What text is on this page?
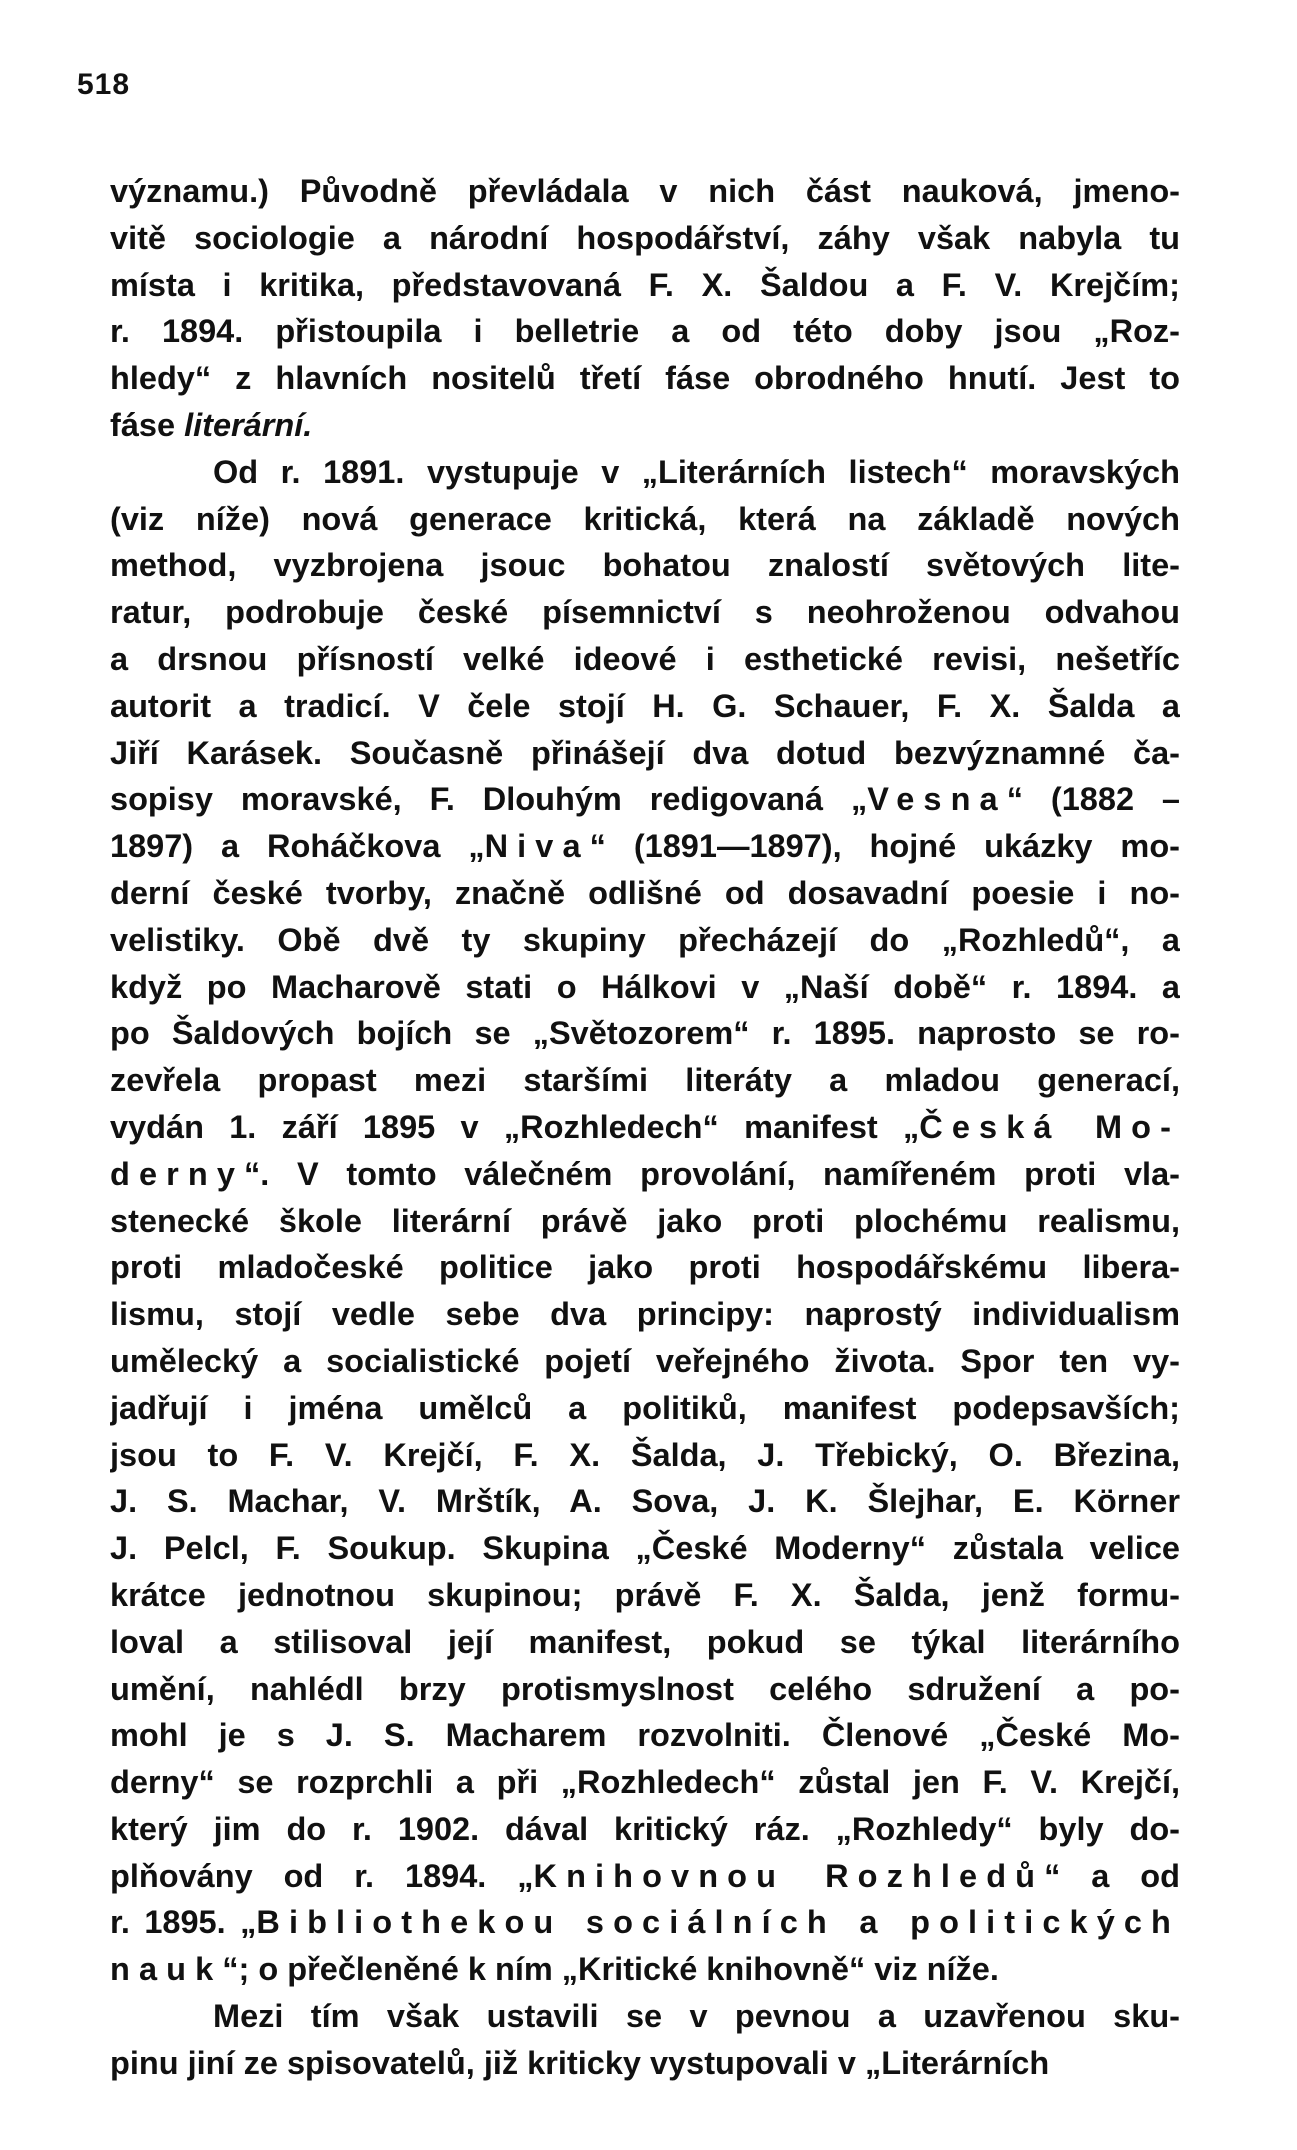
518
významu.) Původně převládala v nich část nauková, jmeno-
vitě sociologie a národní hospodářství, záhy však nabyla tu
místa i kritika, představovaná F. X. Šaldou a F. V. Krejčím;
r. 1894. přistoupila i belletrie a od této doby jsou „Roz-
hledy“ z hlavních nositelů třetí fáse obrodného hnutí. Jest to
fáse literární.
Od r. 1891. vystupuje v „Literárních listech“ moravských
(viz níže) nová generace kritická, která na základě nových
method, vyzbrojena jsouc bohatou znalostí světových lite-
ratur, podrobuje české písemnictví s neohroženou odvahou
a drsnou přísností velké ideové i esthetické revisi, nešetříc
autorit a tradicí. V čele stojí H. G. Schauer, F. X. Šalda a
Jiří Karásek. Současně přinášejí dva dotud bezvýznamné ča-
sopisy moravské, F. Dlouhým redigovaná „Vesna“ (1882 –
1897) a Roháčkova „Niva“ (1891—1897), hojné ukázky mo-
derní české tvorby, značně odlišné od dosavadní poesie i no-
velistiky. Obě dvě ty skupiny přecházejí do „Rozhledů“, a
když po Macharově stati o Hálkovi v „Naší době“ r. 1894. a
po Šaldových bojích se „Světozorem“ r. 1895. naprosto se ro-
zevřela propast mezi staršími literáty a mladou generací,
vydán 1. září 1895 v „Rozhledech“ manifest „Česká Mo-
derny“. V tomto válečném provolání, namířeném proti vla-
stenecké škole literární právě jako proti plochému realismu,
proti mladočeské politice jako proti hospodářskému libera-
lismu, stojí vedle sebe dva principy: naprostý individualism
umělecký a socialistické pojetí veřejného života. Spor ten vy-
jadřují i jména umělců a politiků, manifest podepsavších;
jsou to F. V. Krejčí, F. X. Šalda, J. Třebický, O. Březina,
J. S. Machar, V. Mrštík, A. Sova, J. K. Šlejhar, E. Körner
J. Pelcl, F. Soukup. Skupina „České Moderny“ zůstala velice
krátce jednotnou skupinou; právě F. X. Šalda, jenž formu-
loval a stilisoval její manifest, pokud se týkal literárního
umění, nahlédl brzy protismyslnost celého sdružení a po-
mohl je s J. S. Macharem rozvolniti. Členové „České Mo-
derny“ se rozprchli a při „Rozhledech“ zůstal jen F. V. Krejčí,
který jim do r. 1902. dával kritický ráz. „Rozhledy“ byly do-
plňovány od r. 1894. „Knihovnou Rozhledů“ a od
r. 1895. „Bibliothekou sociálních a politických
nauk“; o přečleněné k ním „Kritické knihovně“ viz níže.
Mezi tím však ustavili se v pevnou a uzavřenou sku-
pinu jiní ze spisovatelů, již kriticky vystupovali v „Literárních
